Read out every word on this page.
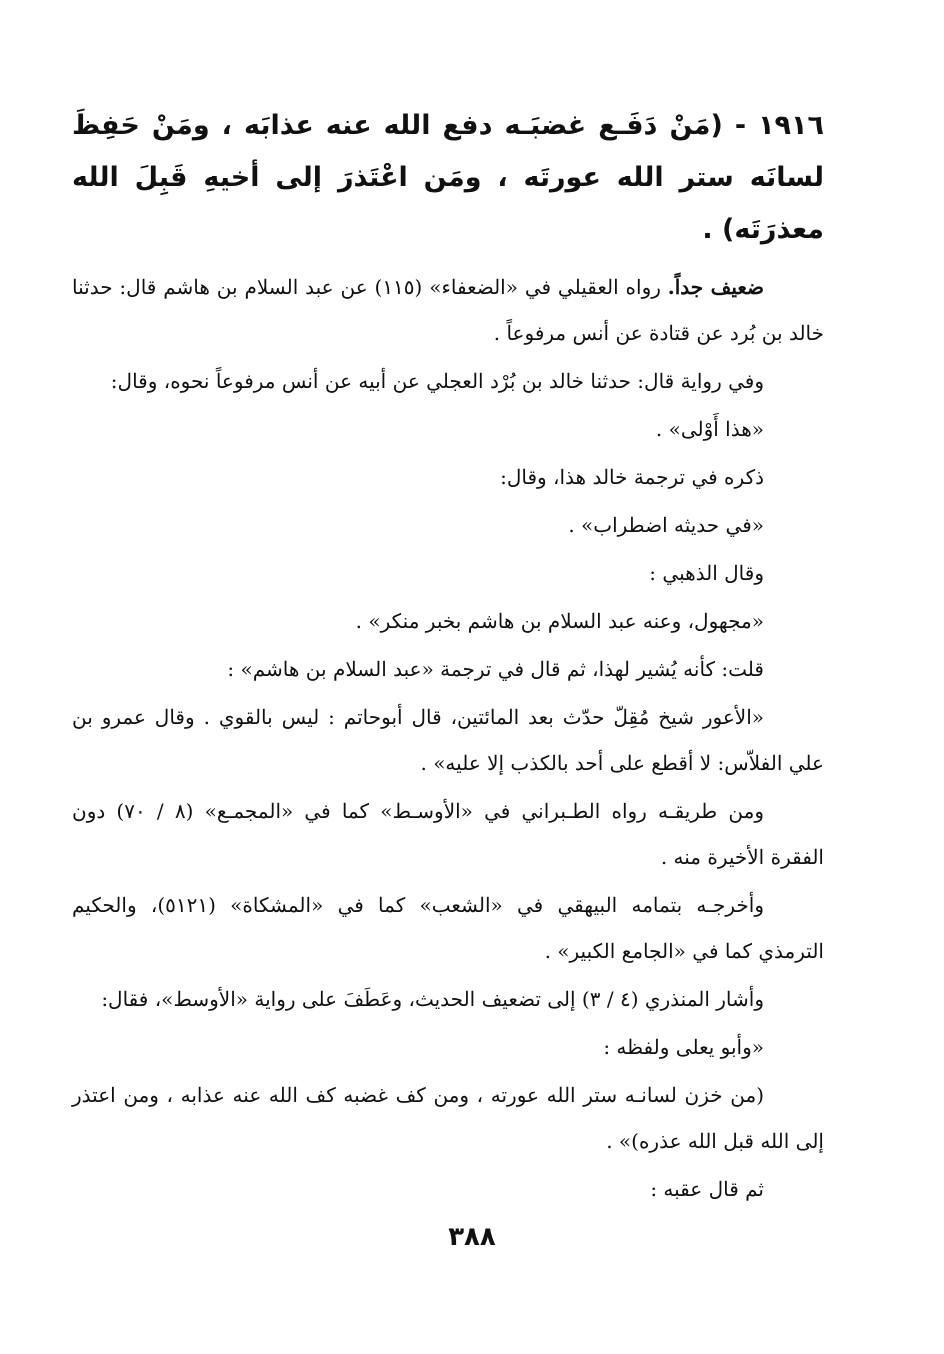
١٩١٦ - (مَنْ دَفَـع غضبَـه دفع الله عنه عذابَه ، ومَنْ حَفِظَ لسانَه ستر الله عورتَه ، ومَن اعْتَذرَ إلى أخيهِ قَبِلَ الله معذرَتَه) .
ضعيف جداً. رواه العقيلي في «الضعفاء» (١١٥) عن عبد السلام بن هاشم قال: حدثنا خالد بن بُرد عن قتادة عن أنس مرفوعاً .
وفي رواية قال: حدثنا خالد بن بُرْد العجلي عن أبيه عن أنس مرفوعاً نحوه، وقال:
«هذا أَوْلى» .
ذكره في ترجمة خالد هذا، وقال:
«في حديثه اضطراب» .
وقال الذهبي :
«مجهول، وعنه عبد السلام بن هاشم بخبر منكر» .
قلت: كأنه يُشير لهذا، ثم قال في ترجمة «عبد السلام بن هاشم» :
«الأعور شيخ مُقِلّ حدّث بعد المائتين، قال أبوحاتم : ليس بالقوي . وقال عمرو بن علي الفلاّس: لا أقطع على أحد بالكذب إلا عليه» .
ومن طريقـه رواه الطـبراني في «الأوسـط» كما في «المجمـع» (٨ / ٧٠) دون الفقرة الأخيرة منه .
وأخرجـه بتمامه البيهقي في «الشعب» كما في «المشكاة» (٥١٢١)، والحكيم الترمذي كما في «الجامع الكبير» .
وأشار المنذري (٤ / ٣) إلى تضعيف الحديث، وعَطَفَ على رواية «الأوسط»، فقال:
«وأبو يعلى ولفظه :
(من خزن لسانـه ستر الله عورته ، ومن كف غضبه كف الله عنه عذابه ، ومن اعتذر إلى الله قبل الله عذره)» .
ثم قال عقبه :
٣٨٨
